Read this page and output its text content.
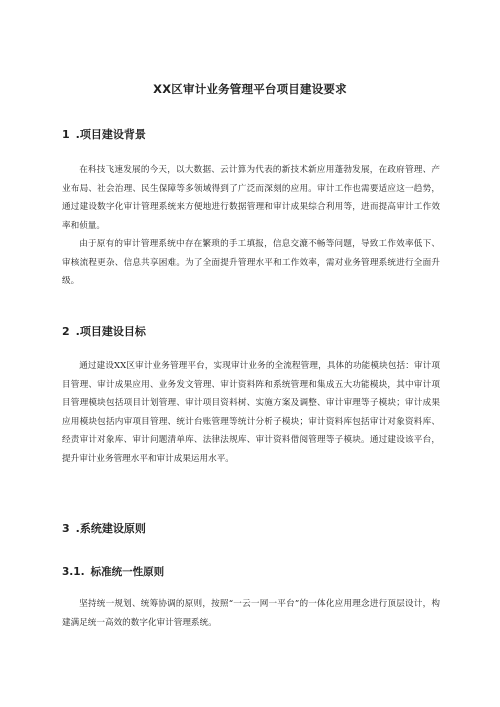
XX区审计业务管理平台项目建设要求
1 .项目建设背景

在科技飞速发展的今天，以大数据、云计算为代表的新技术新应用蓬勃发展，在政府管理、产业布局、社会治理、民生保障等多领域得到了广泛而深刻的应用。审计工作也需要适应这一趋势，通过建设数字化审计管理系统来方便地进行数据管理和审计成果综合利用等，进而提高审计工作效率和侦量。

由于原有的审计管理系统中存在繁琐的手工填报，信息交漉不畅等问题，导致工作效率低下、审核流程更杂、信息共享困难。为了全面提升管理水平和工作效率，需对业务管理系统进行全面升级。

2 .项目建设目标

通过建设XX区审计业务管理平台，实现审计业务的全流程管理，具体的功能模块包括：审计项目管理、审计成果应用、业务发文管理、审计资料阵和系统管理和集成五大功能模块，其中审计项目管理模块包括项目计划管理、审计项目资料树、实施方案及调整、审计审理等子模块；审计成果应用模块包括内审项目管理、统计台账管理等统计分析子模块；审计资料库包括审计对象资料库、经责审计对象库、审计问题清单库、法律法规库、审计资料借阅管理等子模块。通过建设该平台，提升审计业务管理水平和审计成果运用水平。

3 .系统建设原则
3.1. 标准统一性原则

坚持统一规划、统筹协调的原则，按照“一云一网一平台”的一体化应用理念进行顶层设计，构建满足统一高效的数字化审计管理系统。
